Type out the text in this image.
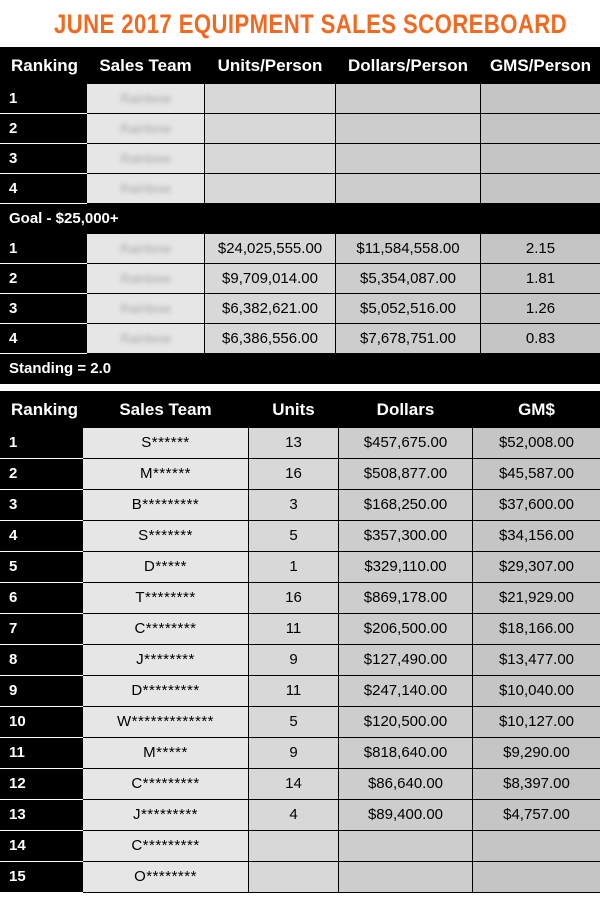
JUNE 2017 EQUIPMENT SALES SCOREBOARD
Ranking	Sales Team	Units/Person	Dollars/Person	GMS/Person
1	Rainbow			
2	Rainbow			
3	Rainbow			
4	Rainbow			
Goal - $25,000+				
1	Rainbow	$24,025,555.00	$11,584,558.00	2.15
2	Rainbow	$9,709,014.00	$5,354,087.00	1.81
3	Rainbow	$6,382,621.00	$5,052,516.00	1.26
4	Rainbow	$6,386,556.00	$7,678,751.00	0.83
Standing = 2.0				
Ranking	Sales Team	Units	Dollars	GM$
1	S******	13	$457,675.00	$52,008.00
2	M******	16	$508,877.00	$45,587.00
3	B*********	3	$168,250.00	$37,600.00
4	S*******	5	$357,300.00	$34,156.00
5	D*****	1	$329,110.00	$29,307.00
6	T********	16	$869,178.00	$21,929.00
7	C********	11	$206,500.00	$18,166.00
8	J********	9	$127,490.00	$13,477.00
9	D*********	11	$247,140.00	$10,040.00
10	W*************	5	$120,500.00	$10,127.00
11	M*****	9	$818,640.00	$9,290.00
12	C*********	14	$86,640.00	$8,397.00
13	J*********	4	$89,400.00	$4,757.00
14	C*********			
15	O********			
